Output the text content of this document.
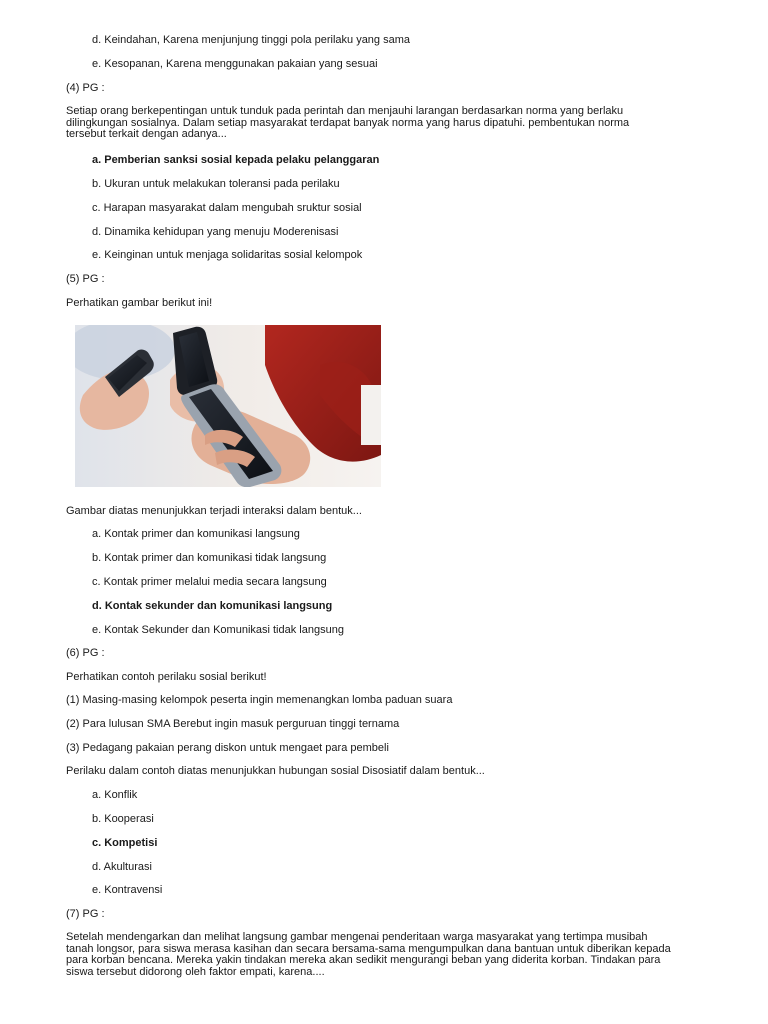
d. Keindahan, Karena menjunjung tinggi pola perilaku yang sama
e. Kesopanan, Karena menggunakan pakaian yang sesuai
(4) PG :
Setiap orang berkepentingan untuk tunduk pada perintah dan menjauhi larangan berdasarkan norma yang berlaku
dilingkungan sosialnya. Dalam setiap masyarakat terdapat banyak norma yang harus dipatuhi. pembentukan norma
tersebut terkait dengan adanya...
a. Pemberian sanksi sosial kepada pelaku pelanggaran
b. Ukuran untuk melakukan toleransi pada perilaku
c. Harapan masyarakat dalam mengubah sruktur sosial
d. Dinamika kehidupan yang menuju Moderenisasi
e. Keinginan untuk menjaga solidaritas sosial kelompok
(5) PG :
Perhatikan gambar berikut ini!
Gambar diatas menunjukkan terjadi interaksi dalam bentuk...
a. Kontak primer dan komunikasi langsung
b. Kontak primer dan komunikasi tidak langsung
c. Kontak primer melalui media secara langsung
d. Kontak sekunder dan komunikasi langsung
e. Kontak Sekunder dan Komunikasi tidak langsung
(6) PG :
Perhatikan contoh perilaku sosial berikut!
(1) Masing-masing kelompok peserta ingin memenangkan lomba paduan suara
(2) Para lulusan SMA Berebut ingin masuk perguruan tinggi ternama
(3) Pedagang pakaian perang diskon untuk mengaet para pembeli
Perilaku dalam contoh diatas menunjukkan hubungan sosial Disosiatif dalam bentuk...
a. Konflik
b. Kooperasi
c. Kompetisi
d. Akulturasi
e. Kontravensi
(7) PG :
Setelah mendengarkan dan melihat langsung gambar mengenai penderitaan warga masyarakat yang tertimpa musibah
tanah longsor, para siswa merasa kasihan dan secara bersama-sama mengumpulkan dana bantuan untuk diberikan kepada
para korban bencana. Mereka yakin tindakan mereka akan sedikit mengurangi beban yang diderita korban. Tindakan para
siswa tersebut didorong oleh faktor empati, karena....
